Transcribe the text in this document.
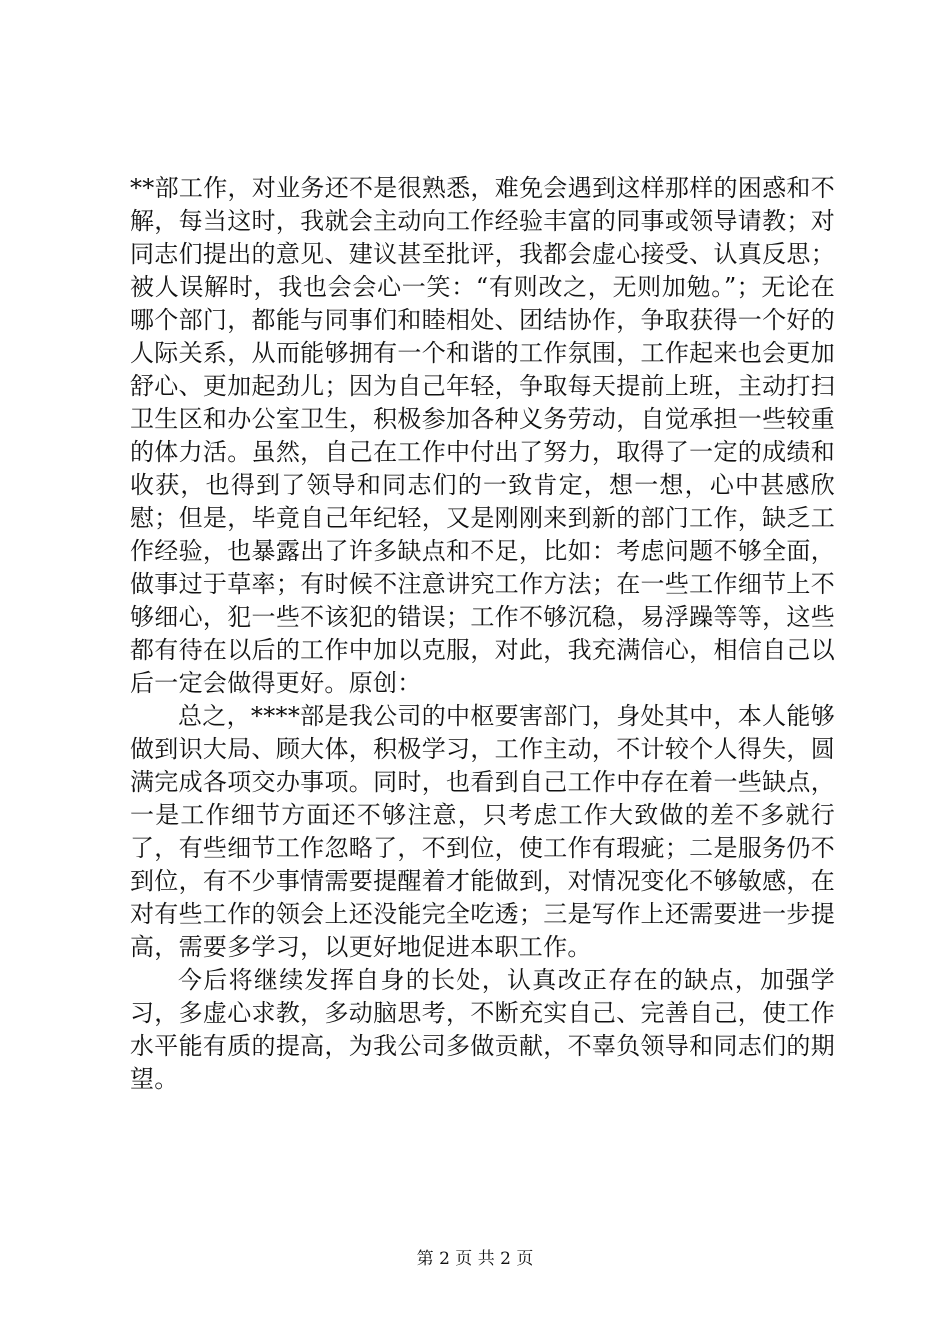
**部工作，对业务还不是很熟悉，难免会遇到这样那样的困惑和不解，每当这时，我就会主动向工作经验丰富的同事或领导请教；对同志们提出的意见、建议甚至批评，我都会虚心接受、认真反思；被人误解时，我也会会心一笑：“有则改之，无则加勉。”；无论在哪个部门，都能与同事们和睦相处、团结协作，争取获得一个好的人际关系，从而能够拥有一个和谐的工作氛围，工作起来也会更加舒心、更加起劲儿；因为自己年轻，争取每天提前上班，主动打扫卫生区和办公室卫生，积极参加各种义务劳动，自觉承担一些较重的体力活。虽然，自己在工作中付出了努力，取得了一定的成绩和收获，也得到了领导和同志们的一致肯定，想一想，心中甚感欣慰；但是，毕竟自己年纪轻，又是刚刚来到新的部门工作，缺乏工作经验，也暴露出了许多缺点和不足，比如：考虑问题不够全面，做事过于草率；有时候不注意讲究工作方法；在一些工作细节上不够细心，犯一些不该犯的错误；工作不够沉稳，易浮躁等等，这些都有待在以后的工作中加以克服，对此，我充满信心，相信自己以后一定会做得更好。原创：

总之，****部是我公司的中枢要害部门，身处其中，本人能够做到识大局、顾大体，积极学习，工作主动，不计较个人得失，圆满完成各项交办事项。同时，也看到自己工作中存在着一些缺点，一是工作细节方面还不够注意，只考虑工作大致做的差不多就行了，有些细节工作忽略了，不到位，使工作有瑕疵；二是服务仍不到位，有不少事情需要提醒着才能做到，对情况变化不够敏感，在对有些工作的领会上还没能完全吃透；三是写作上还需要进一步提高，需要多学习，以更好地促进本职工作。

今后将继续发挥自身的长处，认真改正存在的缺点，加强学习，多虚心求教，多动脑思考，不断充实自己、完善自己，使工作水平能有质的提高，为我公司多做贡献，不辜负领导和同志们的期望。

第 2 页 共 2 页
